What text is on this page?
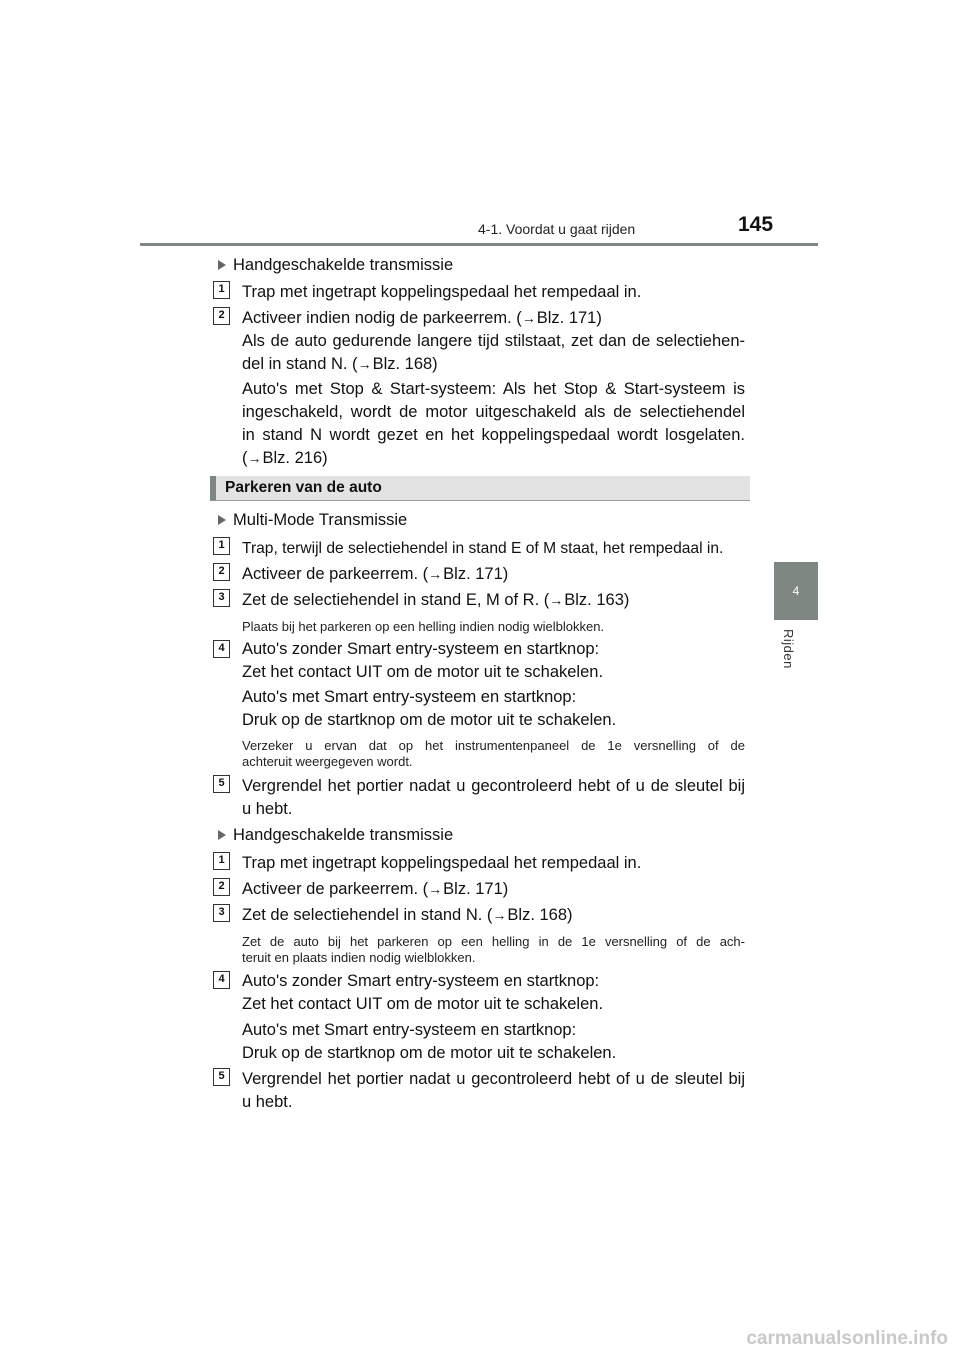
4-1. Voordat u gaat rijden	145
4
Rijden
Handgeschakelde transmissie
1	Trap met ingetrapt koppelingspedaal het rempedaal in.
2	Activeer indien nodig de parkeerrem. (→Blz. 171)
Als de auto gedurende langere tijd stilstaat, zet dan de selectiehen-
del in stand N. (→Blz. 168)
Auto's met Stop & Start-systeem: Als het Stop & Start-systeem is
ingeschakeld, wordt de motor uitgeschakeld als de selectiehendel
in stand N wordt gezet en het koppelingspedaal wordt losgelaten.
(→Blz. 216)
Parkeren van de auto
Multi-Mode Transmissie
1	Trap, terwijl de selectiehendel in stand E of M staat, het rempedaal in.
2	Activeer de parkeerrem. (→Blz. 171)
3	Zet de selectiehendel in stand E, M of R. (→Blz. 163)
Plaats bij het parkeren op een helling indien nodig wielblokken.
4	Auto's zonder Smart entry-systeem en startknop:
Zet het contact UIT om de motor uit te schakelen.
Auto's met Smart entry-systeem en startknop:
Druk op de startknop om de motor uit te schakelen.
Verzeker u ervan dat op het instrumentenpaneel de 1e versnelling of de
achteruit weergegeven wordt.
5	Vergrendel het portier nadat u gecontroleerd hebt of u de sleutel bij
u hebt.
Handgeschakelde transmissie
1	Trap met ingetrapt koppelingspedaal het rempedaal in.
2	Activeer de parkeerrem. (→Blz. 171)
3	Zet de selectiehendel in stand N. (→Blz. 168)
Zet de auto bij het parkeren op een helling in de 1e versnelling of de ach-
teruit en plaats indien nodig wielblokken.
4	Auto's zonder Smart entry-systeem en startknop:
Zet het contact UIT om de motor uit te schakelen.
Auto's met Smart entry-systeem en startknop:
Druk op de startknop om de motor uit te schakelen.
5	Vergrendel het portier nadat u gecontroleerd hebt of u de sleutel bij
u hebt.
carmanualsonline.info
